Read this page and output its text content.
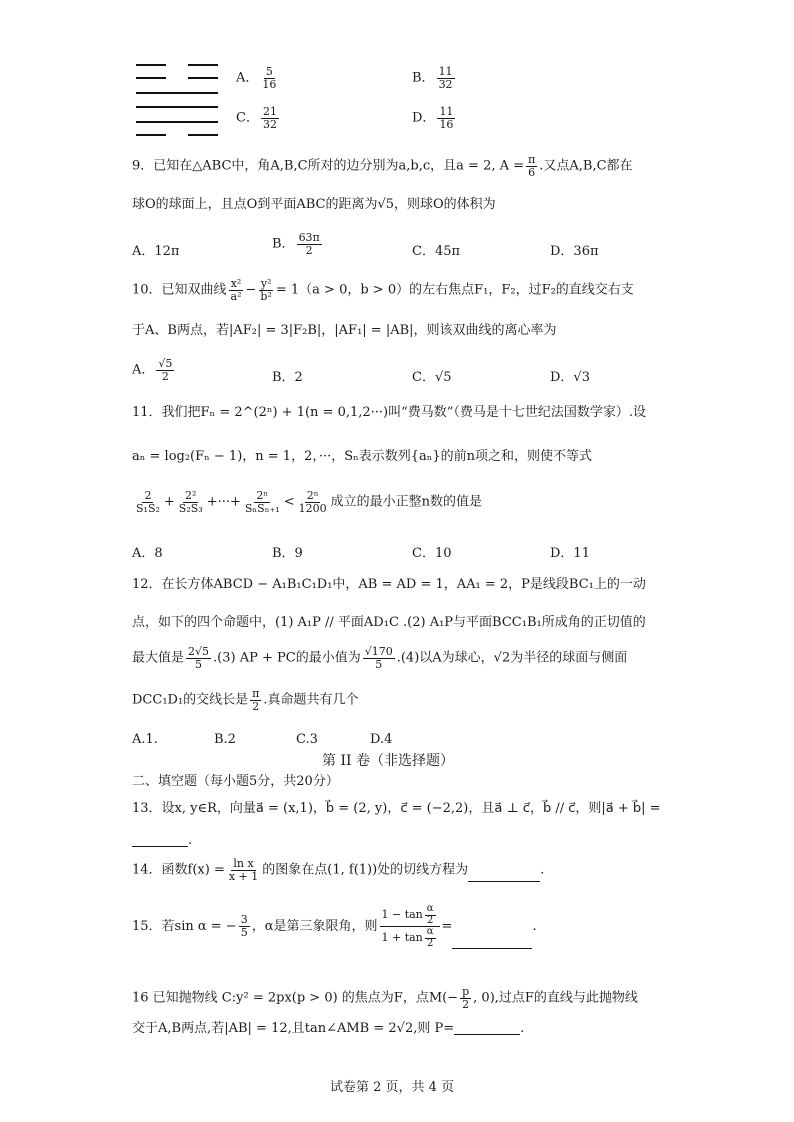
A． $\frac{5}{16}$	B． $\frac{11}{32}$
C． $\frac{21}{32}$	D． $\frac{11}{16}$
9．已知在△ABC中，角A,B,C所对的边分别为a,b,c，且a = 2, $A = \frac{\pi}{6}$ .又点A,B,C都在
球O的球面上，且点O到平面ABC的距离为√5，则球O的体积为
A．12π	B． $\frac{63\pi}{2}$	C．45π	D．36π
10．已知双曲线 $\frac{\text{x²}}{\text{a²}} - \frac{\text{y²}}{\text{b²}} = 1(a > 0$，b > 0）的左右焦点F₁，F₂，过F₂的直线交右支
于A、B两点，若|AF₂| = 3|F₂B|，|AF₁| = |AB|，则该双曲线的离心率为
A． $\frac{√5}{2}$	B．2	C．√5	D．√3
11．我们把Fₙ = 2^(2ⁿ) + 1(n = 0,1,2···)叫“费马数”（费马是十七世纪法国数学家）.设
aₙ = log₂(Fₙ − 1)，n = 1，2，···，Sₙ表示数列{aₙ}的前n项之和，则使不等式
$\frac{2}{\text{S₁S₂}} + \frac{\text{2²}}{\text{S₂S₃}}$ +···+ $\frac{\text{2ⁿ}}{\text{SₙSₙ₊₁}} < \frac{\text{2ⁿ}}{1200}$ 成立的最小正整n数的值是
A．8	B．9	C．10	D．11
12．在长方体ABCD − A₁B₁C₁D₁中，AB = AD = 1，AA₁ = 2，P是线段BC₁上的一动
点，如下的四个命题中，(1) A₁P // 平面AD₁C .(2) A₁P与平面BCC₁B₁所成角的正切值的
最大值是 $\frac{2√5}{5} .(3)$ AP + PC的最小值为 $\frac{√170}{5} .(4)$以A为球心，√2为半径的球面与侧面
DCC₁D₁的交线长是 $\frac{\pi}{2}$ .真命题共有几个
A.1.	B.2	C.3	D.4
第 II 卷（非选择题）
二、填空题（每小题5分，共20分）
13．设x, y∈R，向量a⃗ = (x,1)，b⃗ = (2, y)，c⃗ = (−2,2)，且a⃗ ⊥ c⃗，b⃗ // c⃗，则|a⃗ + b⃗| =
.
14．函数$f(x) = \frac{\text{ln x}}{x + 1}$ 的图象在点(1, f(1))处的切线方程为	.
15．若sin α = − $\frac{3}{5}$ ，α是第三象限角，则 $\frac{1 - \tan \frac{\alpha}{2}}{1 + \tan \frac{\alpha}{2}}$ =	.
16 已知抛物线 C:y² = 2px(p > 0) 的焦点为F，点$M(- \frac{p}{2}$ , 0),过点F的直线与此抛物线
交于A,B两点,若|AB| = 12,且tan∠AMB = 2√2,则 P=	.
试卷第 2 页，共 4 页
